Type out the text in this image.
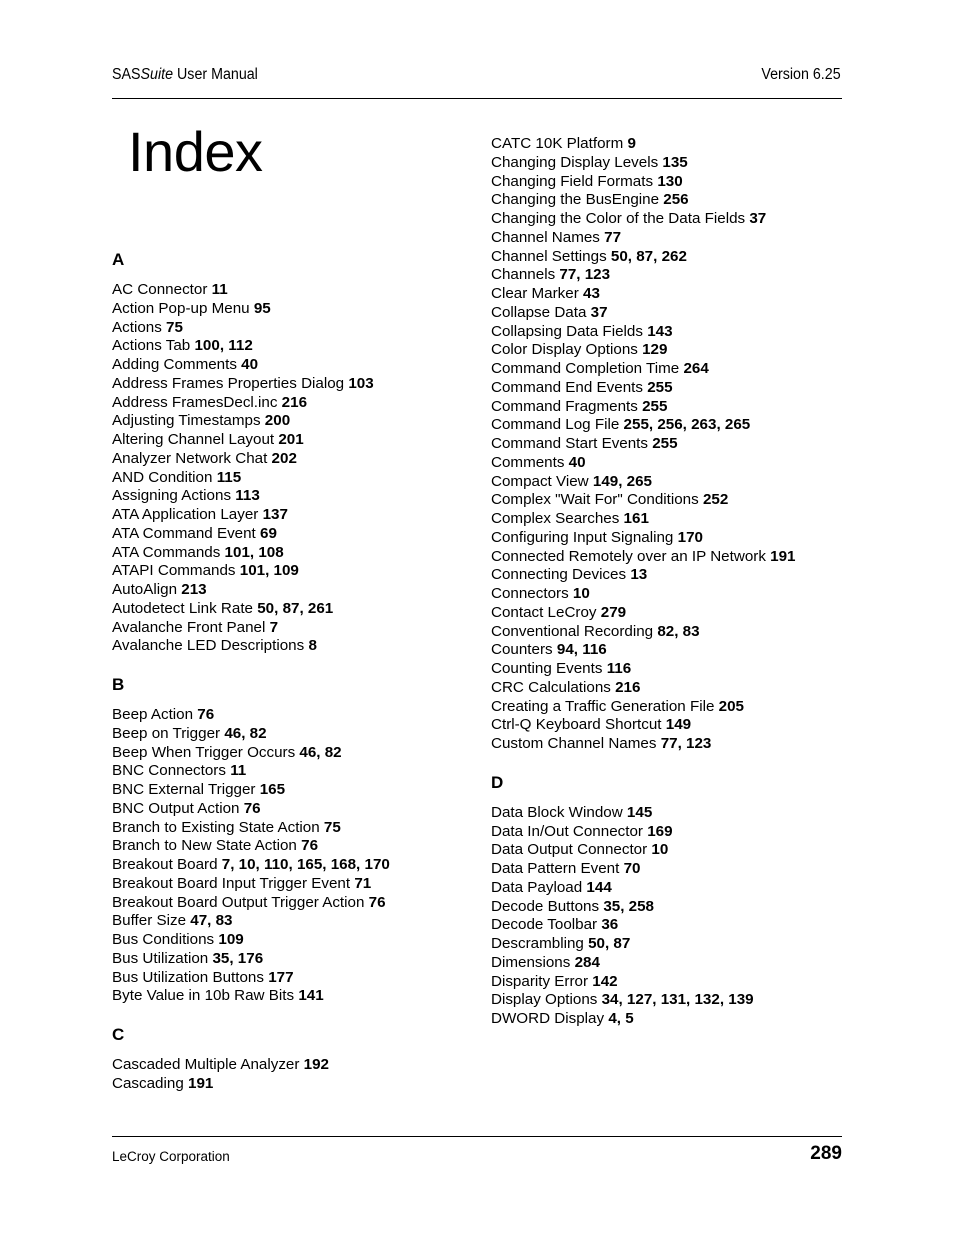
SASSuite User Manual	Version 6.25
Index
A
AC Connector 11
Action Pop-up Menu 95
Actions 75
Actions Tab 100, 112
Adding Comments 40
Address Frames Properties Dialog 103
Address FramesDecl.inc 216
Adjusting Timestamps 200
Altering Channel Layout 201
Analyzer Network Chat 202
AND Condition 115
Assigning Actions 113
ATA Application Layer 137
ATA Command Event 69
ATA Commands 101, 108
ATAPI Commands 101, 109
AutoAlign 213
Autodetect Link Rate 50, 87, 261
Avalanche Front Panel 7
Avalanche LED Descriptions 8
B
Beep Action 76
Beep on Trigger 46, 82
Beep When Trigger Occurs 46, 82
BNC Connectors 11
BNC External Trigger 165
BNC Output Action 76
Branch to Existing State Action 75
Branch to New State Action 76
Breakout Board 7, 10, 110, 165, 168, 170
Breakout Board Input Trigger Event 71
Breakout Board Output Trigger Action 76
Buffer Size 47, 83
Bus Conditions 109
Bus Utilization 35, 176
Bus Utilization Buttons 177
Byte Value in 10b Raw Bits 141
C
Cascaded Multiple Analyzer 192
Cascading 191
CATC 10K Platform 9
Changing Display Levels 135
Changing Field Formats 130
Changing the BusEngine 256
Changing the Color of the Data Fields 37
Channel Names 77
Channel Settings 50, 87, 262
Channels 77, 123
Clear Marker 43
Collapse Data 37
Collapsing Data Fields 143
Color Display Options 129
Command Completion Time 264
Command End Events 255
Command Fragments 255
Command Log File 255, 256, 263, 265
Command Start Events 255
Comments 40
Compact View 149, 265
Complex "Wait For" Conditions 252
Complex Searches 161
Configuring Input Signaling 170
Connected Remotely over an IP Network 191
Connecting Devices 13
Connectors 10
Contact LeCroy 279
Conventional Recording 82, 83
Counters 94, 116
Counting Events 116
CRC Calculations 216
Creating a Traffic Generation File 205
Ctrl-Q Keyboard Shortcut 149
Custom Channel Names 77, 123
D
Data Block Window 145
Data In/Out Connector 169
Data Output Connector 10
Data Pattern Event 70
Data Payload 144
Decode Buttons 35, 258
Decode Toolbar 36
Descrambling 50, 87
Dimensions 284
Disparity Error 142
Display Options 34, 127, 131, 132, 139
DWORD Display 4, 5
LeCroy Corporation	289
